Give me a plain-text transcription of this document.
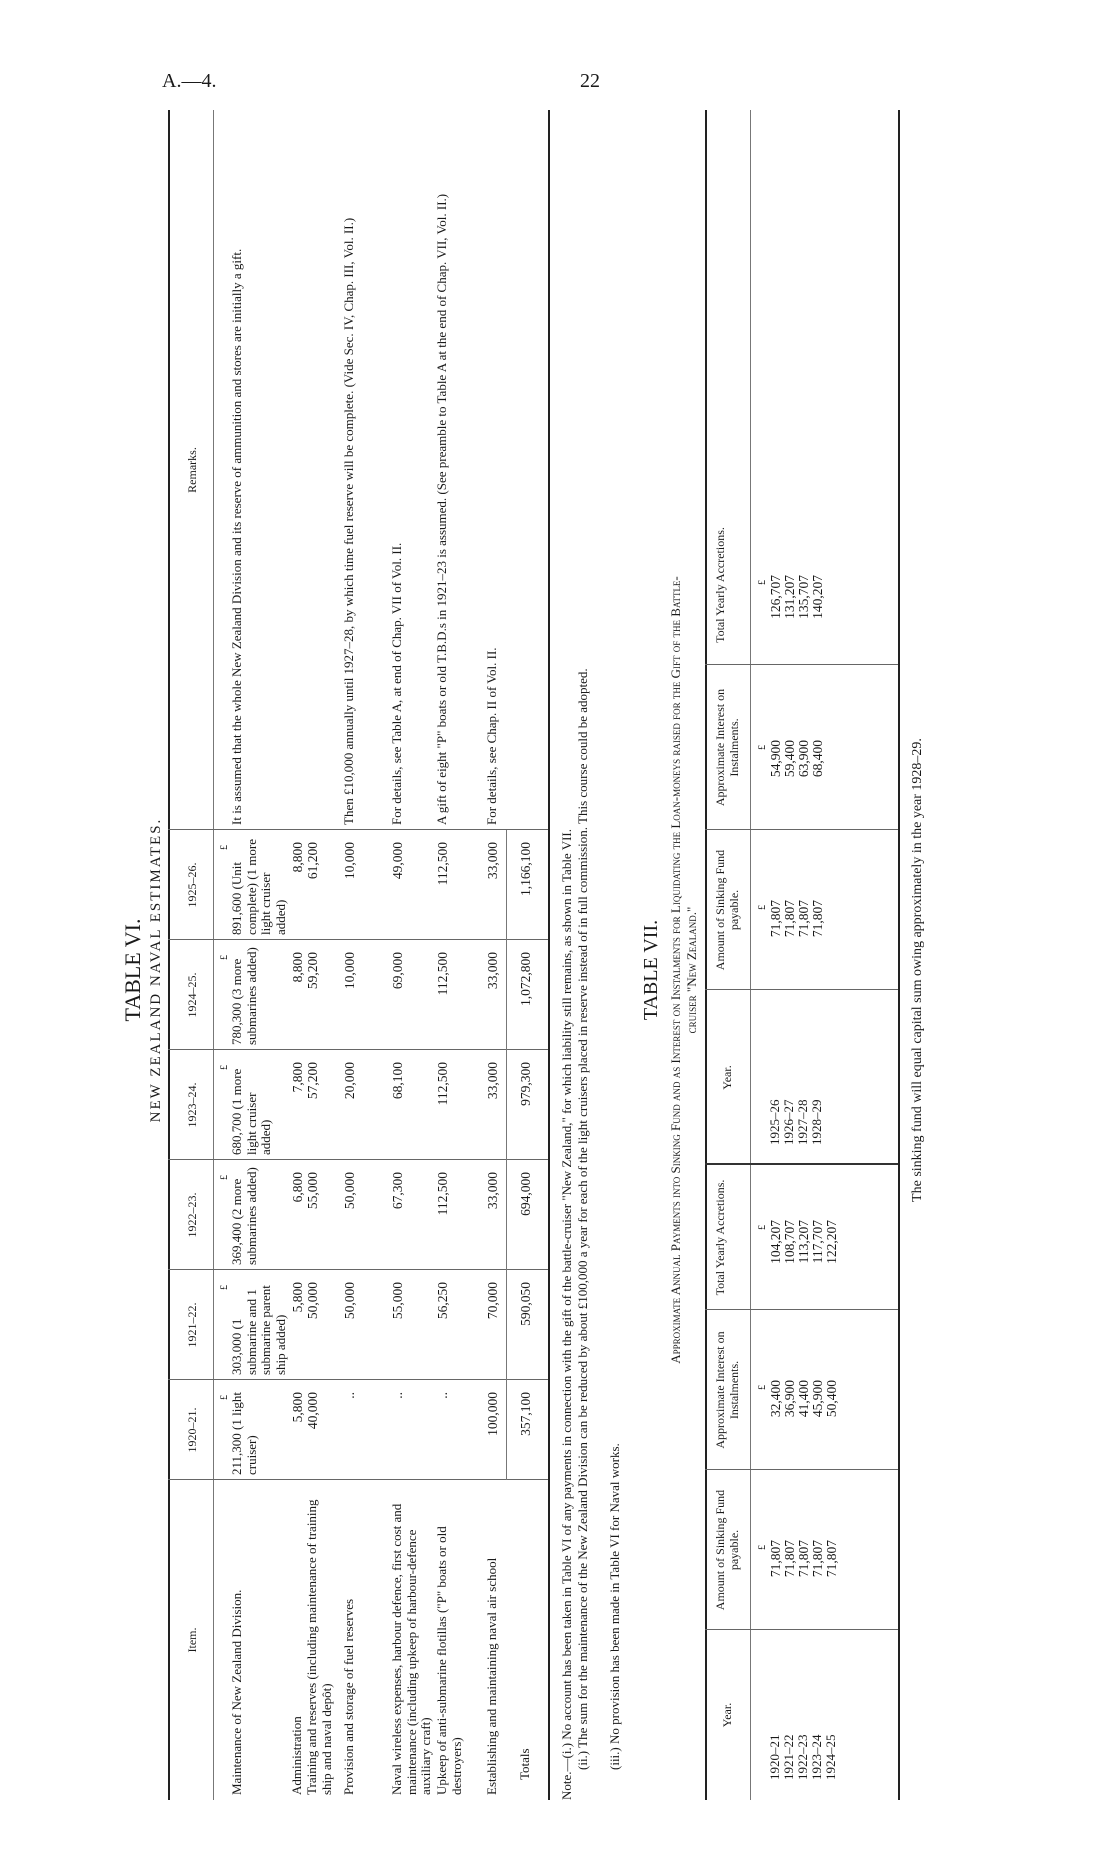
A.—4.	22
TABLE VI. NEW ZEALAND NAVAL ESTIMATES.
Item.
1920–21.
1921–22.
1922–23.
1923–24.
1924–25.
1925–26.
Remarks.
£
£
£
£
£
£
Maintenance of New Zealand Division.
211,300 (1 light cruiser)
303,000 (1 submarine and 1 submarine parent ship added)
369,400 (2 more submarines added)
680,700 (1 more light cruiser added)
780,300 (3 more submarines added)
891,600 (Unit complete) (1 more light cruiser added)
It is assumed that the whole New Zealand Division and its reserve of ammunition and stores are initially a gift.
Administration
5,800
5,800
6,800
7,800
8,800
8,800
Training and reserves (including maintenance of training ship and naval depôt)
40,000
50,000
55,000
57,200
59,200
61,200
Provision and storage of fuel reserves
..
50,000
50,000
20,000
10,000
10,000
Then £10,000 annually until 1927–28, by which time fuel reserve will be complete. (Vide Sec. IV, Chap. III, Vol. II.)
Naval wireless expenses, harbour defence, first cost and maintenance (including upkeep of harbour-defence auxiliary craft)
..
55,000
67,300
68,100
69,000
49,000
For details, see Table A, at end of Chap. VII of Vol. II.
Upkeep of anti-submarine flotillas ("P" boats or old destroyers)
..
56,250
112,500
112,500
112,500
112,500
A gift of eight "P" boats or old T.B.D.s in 1921–23 is assumed. (See preamble to Table A at the end of Chap. VII, Vol. II.)
Establishing and maintaining naval air school
100,000
70,000
33,000
33,000
33,000
33,000
For details, see Chap. II of Vol. II.
Totals
357,100
590,050
694,000
979,300
1,072,800
1,166,100 Note.—(i.) No account has been taken in Table VI of any payments in connection with the gift of the battle-cruiser "New Zealand," for which liability still remains, as shown in Table VII. (ii.) The sum for the maintenance of the New Zealand Division can be reduced by about £100,000 a year for each of the light cruisers placed in reserve instead of in full commission. This course could be adopted. (iii.) No provision has been made in Table VI for Naval works.
TABLE VII. Approximate Annual Payments into Sinking Fund and as Interest on Instalments for Liquidating the Loan-moneys raised for the Gift of the Battle- cruiser "New Zealand."
Year.
Amount of Sinking Fund payable.
Approximate Interest on Instalments.
Total Yearly Accretions.
Year.
Amount of Sinking Fund payable.
Approximate Interest on Instalments.
Total Yearly Accretions.
£
£
£
£
£
£
1920–21
71,807
32,400
104,207
1921–22
71,807
36,900
108,707
1922–23
71,807
41,400
113,207
1923–24
71,807
45,900
117,707
1924–25
71,807
50,400
122,207
1925–26
71,807
54,900
126,707
1926–27
71,807
59,400
131,207
1927–28
71,807
63,900
135,707
1928–29
71,807
68,400
140,207
The sinking fund will equal capital sum owing approximately in the year 1928–29.
